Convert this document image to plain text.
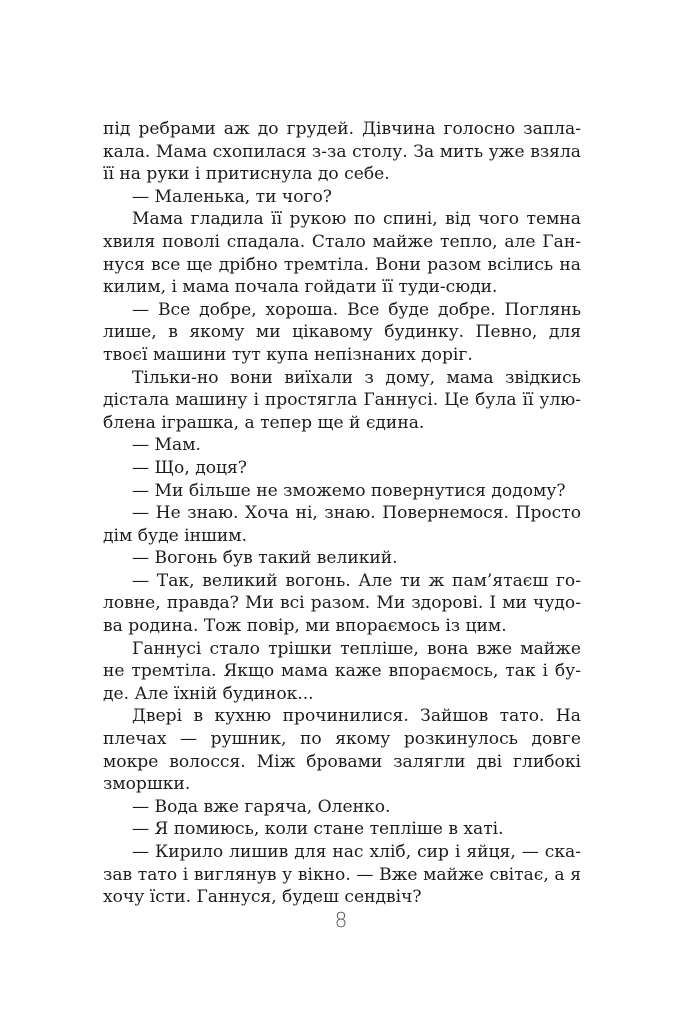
під ребрами аж до грудей. Дівчина голосно заплакала. Мама схопилася з-за столу. За мить уже взяла її на руки і притиснула до себе.

— Маленька, ти чого?

Мама гладила її рукою по спині, від чого темна хвиля поволі спадала. Стало майже тепло, але Ганнуся все ще дрібно тремтіла. Вони разом всілись на килим, і мама почала гойдати її туди-сюди.

— Все добре, хороша. Все буде добре. Поглянь лише, в якому ми цікавому будинку. Певно, для твоєї машини тут купа непізнаних доріг.

Тільки-но вони виїхали з дому, мама звідкись дістала машину і простягла Ганнусі. Це була її улюблена іграшка, а тепер ще й єдина.

— Мам.

— Що, доця?

— Ми більше не зможемо повернутися додому?

— Не знаю. Хоча ні, знаю. Повернемося. Просто дім буде іншим.

— Вогонь був такий великий.

— Так, великий вогонь. Але ти ж пам’ятаєш головне, правда? Ми всі разом. Ми здорові. І ми чудова родина. Тож повір, ми впораємось із цим.

Ганнусі стало трішки тепліше, вона вже майже не тремтіла. Якщо мама каже впораємось, так і буде. Але їхній будинок...

Двері в кухню прочинилися. Зайшов тато. На плечах — рушник, по якому розкинулось довге мокре волосся. Між бровами залягли дві глибокі зморшки.

— Вода вже гаряча, Оленко.

— Я помиюсь, коли стане тепліше в хаті.

— Кирило лишив для нас хліб, сир і яйця, — сказав тато і виглянув у вікно. — Вже майже світає, а я хочу їсти. Ганнуся, будеш сендвіч?

8
